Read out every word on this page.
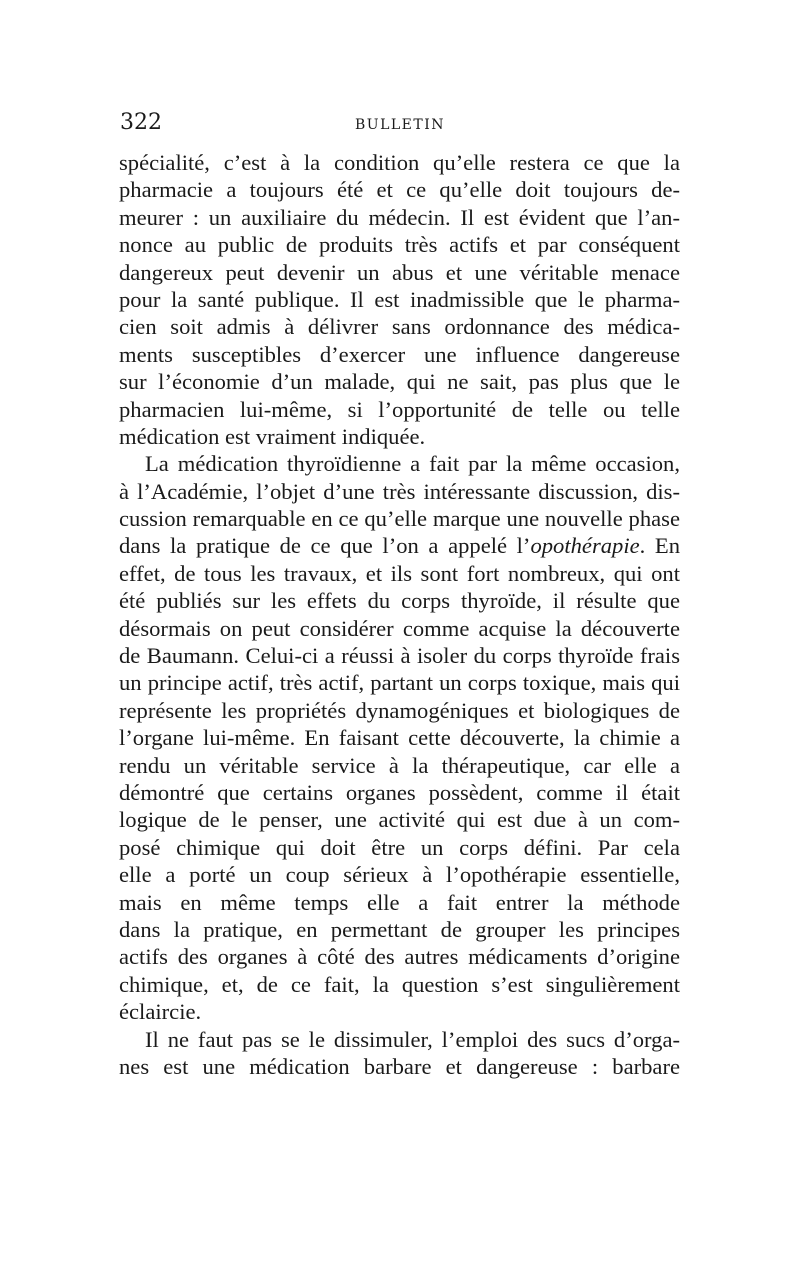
322	BULLETIN
spécialité, c’est à la condition qu’elle restera ce que la
pharmacie a toujours été et ce qu’elle doit toujours de-
meurer : un auxiliaire du médecin. Il est évident que l’an-
nonce au public de produits très actifs et par conséquent
dangereux peut devenir un abus et une véritable menace
pour la santé publique. Il est inadmissible que le pharma-
cien soit admis à délivrer sans ordonnance des médica-
ments susceptibles d’exercer une influence dangereuse
sur l’économie d’un malade, qui ne sait, pas plus que le
pharmacien lui-même, si l’opportunité de telle ou telle
médication est vraiment indiquée.
La médication thyroïdienne a fait par la même occasion,
à l’Académie, l’objet d’une très intéressante discussion, dis-
cussion remarquable en ce qu’elle marque une nouvelle phase
dans la pratique de ce que l’on a appelé l’opothérapie. En
effet, de tous les travaux, et ils sont fort nombreux, qui ont
été publiés sur les effets du corps thyroïde, il résulte que
désormais on peut considérer comme acquise la découverte
de Baumann. Celui-ci a réussi à isoler du corps thyroïde frais
un principe actif, très actif, partant un corps toxique, mais qui
représente les propriétés dynamogéniques et biologiques de
l’organe lui-même. En faisant cette découverte, la chimie a
rendu un véritable service à la thérapeutique, car elle a
démontré que certains organes possèdent, comme il était
logique de le penser, une activité qui est due à un com-
posé chimique qui doit être un corps défini. Par cela
elle a porté un coup sérieux à l’opothérapie essentielle,
mais en même temps elle a fait entrer la méthode
dans la pratique, en permettant de grouper les principes
actifs des organes à côté des autres médicaments d’origine
chimique, et, de ce fait, la question s’est singulièrement
éclaircie.
Il ne faut pas se le dissimuler, l’emploi des sucs d’orga-
nes est une médication barbare et dangereuse : barbare
